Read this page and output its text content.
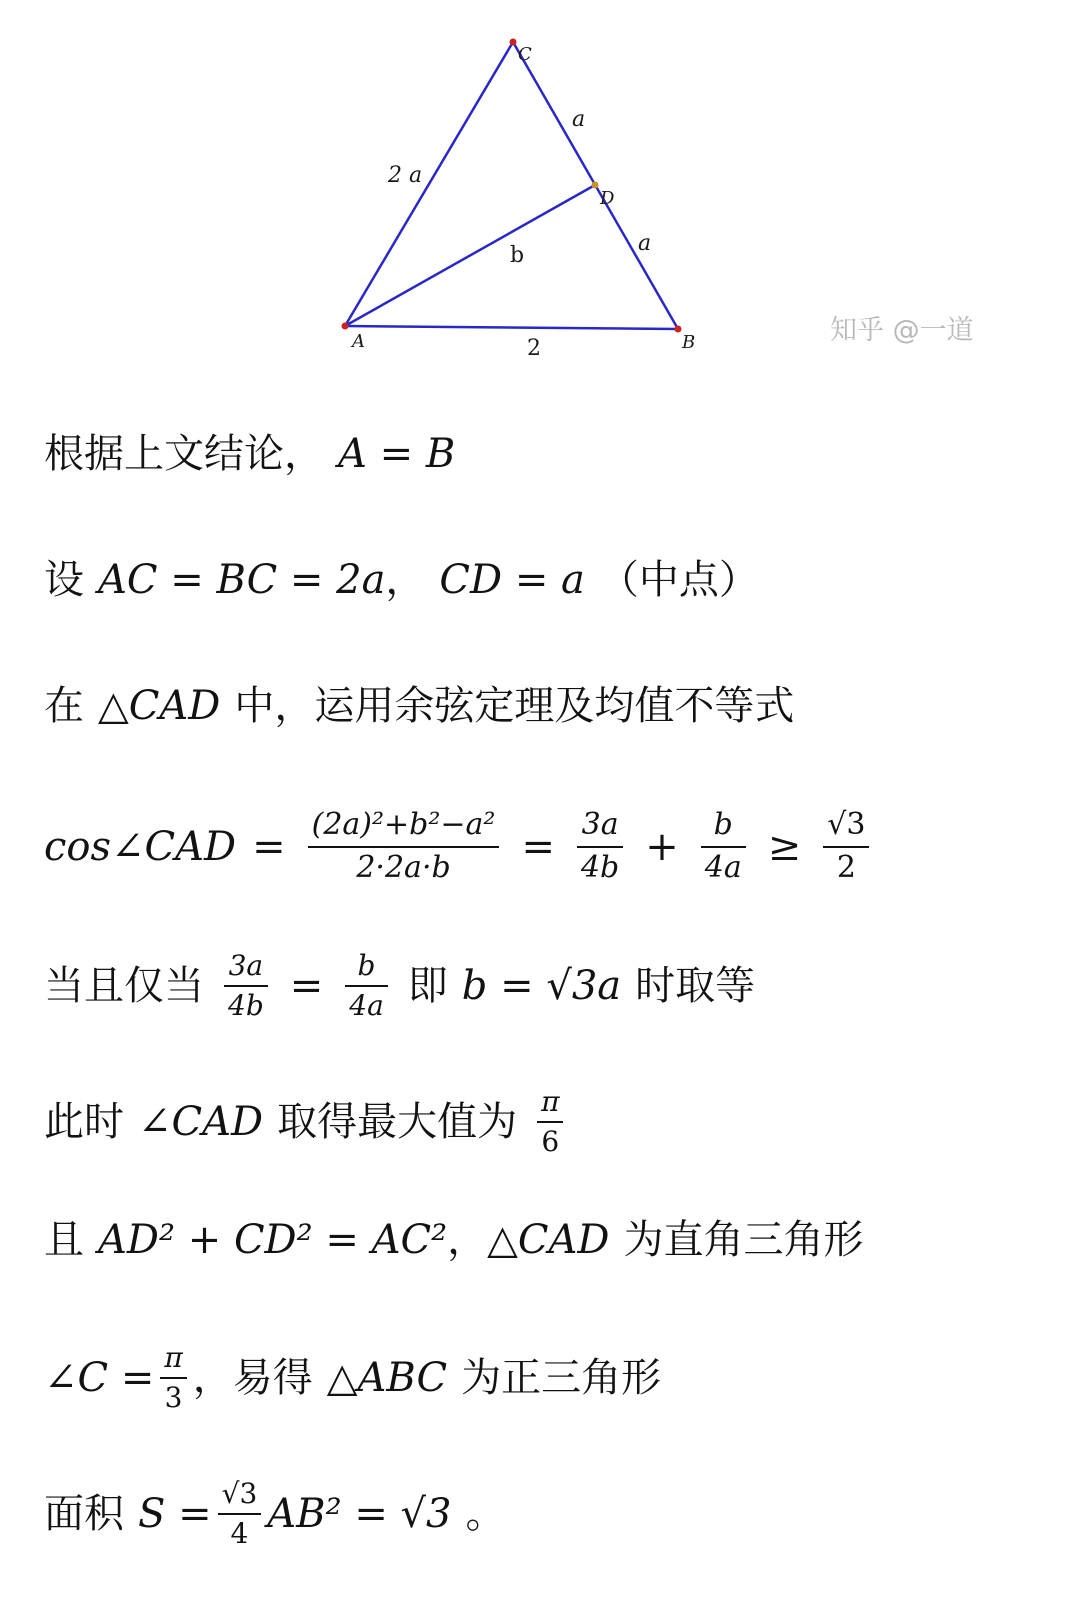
A	B
C
D
2 a
a
a
b
2
知乎 @一道
根据上文结论， A = B
设 AC = BC = 2a ， CD = a （中点）
在 △CAD 中，运用余弦定理及均值不等式
cos∠CAD = $\frac{\text{(2a)²+b²−a²}}{2\cdot 2a\cdot b} = \frac{3a}{4b} + \frac{b}{4a} \ge \frac{√3}{2}$
当且仅当 $\frac{3a}{4b} = \frac{b}{4a}$ 即 b = √3a 时取等
此时 ∠CAD 取得最大值为 $\frac{\pi}{6}$
且 AD² + CD² = AC² ， △CAD 为直角三角形
∠C = $\frac{\pi}{3}$ ，易得 △ABC 为正三角形
面积 $S = \frac{√3}{4} AB^2 = √3$ 。
